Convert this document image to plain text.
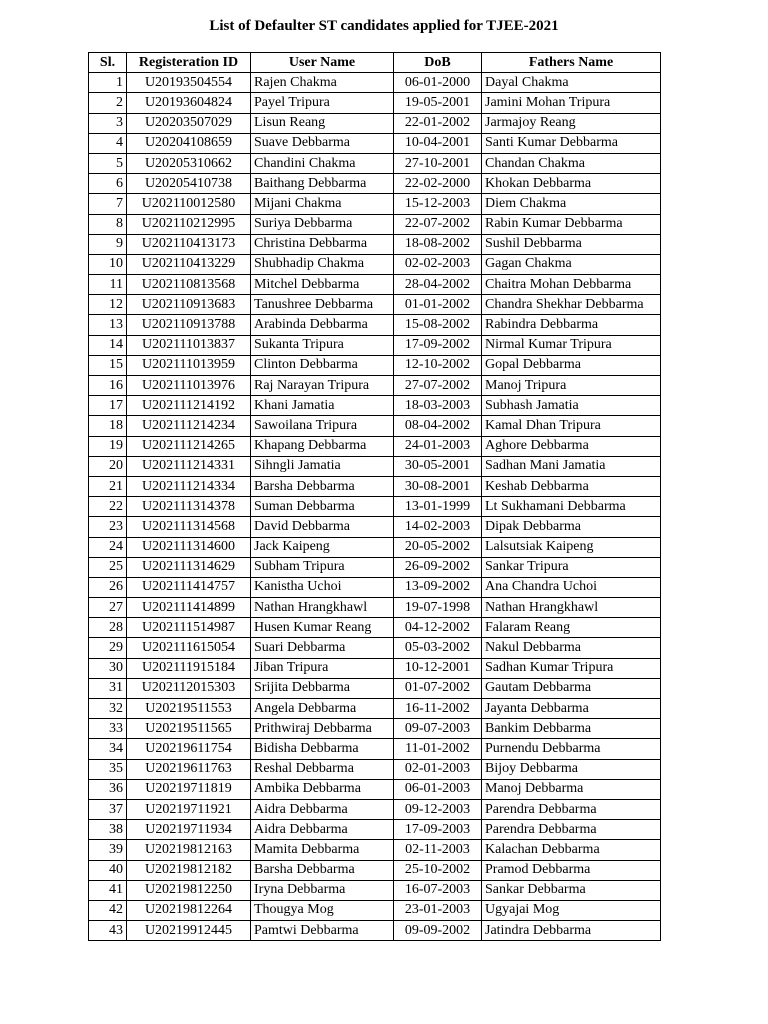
List of Defaulter ST candidates applied for TJEE-2021
Sl.	Registeration ID	User Name	DoB	Fathers Name
1	U20193504554	Rajen Chakma	06-01-2000	Dayal Chakma
2	U20193604824	Payel Tripura	19-05-2001	Jamini Mohan Tripura
3	U20203507029	Lisun Reang	22-01-2002	Jarmajoy Reang
4	U20204108659	Suave Debbarma	10-04-2001	Santi Kumar Debbarma
5	U20205310662	Chandini Chakma	27-10-2001	Chandan Chakma
6	U20205410738	Baithang Debbarma	22-02-2000	Khokan Debbarma
7	U202110012580	Mijani Chakma	15-12-2003	Diem Chakma
8	U202110212995	Suriya Debbarma	22-07-2002	Rabin Kumar Debbarma
9	U202110413173	Christina Debbarma	18-08-2002	Sushil Debbarma
10	U202110413229	Shubhadip Chakma	02-02-2003	Gagan Chakma
11	U202110813568	Mitchel Debbarma	28-04-2002	Chaitra Mohan Debbarma
12	U202110913683	Tanushree Debbarma	01-01-2002	Chandra Shekhar Debbarma
13	U202110913788	Arabinda Debbarma	15-08-2002	Rabindra Debbarma
14	U202111013837	Sukanta Tripura	17-09-2002	Nirmal Kumar Tripura
15	U202111013959	Clinton Debbarma	12-10-2002	Gopal Debbarma
16	U202111013976	Raj Narayan Tripura	27-07-2002	Manoj Tripura
17	U202111214192	Khani Jamatia	18-03-2003	Subhash Jamatia
18	U202111214234	Sawoilana Tripura	08-04-2002	Kamal Dhan Tripura
19	U202111214265	Khapang Debbarma	24-01-2003	Aghore Debbarma
20	U202111214331	Sihngli Jamatia	30-05-2001	Sadhan Mani Jamatia
21	U202111214334	Barsha Debbarma	30-08-2001	Keshab Debbarma
22	U202111314378	Suman Debbarma	13-01-1999	Lt Sukhamani Debbarma
23	U202111314568	David Debbarma	14-02-2003	Dipak Debbarma
24	U202111314600	Jack Kaipeng	20-05-2002	Lalsutsiak Kaipeng
25	U202111314629	Subham Tripura	26-09-2002	Sankar Tripura
26	U202111414757	Kanistha Uchoi	13-09-2002	Ana Chandra Uchoi
27	U202111414899	Nathan Hrangkhawl	19-07-1998	Nathan Hrangkhawl
28	U202111514987	Husen Kumar Reang	04-12-2002	Falaram Reang
29	U202111615054	Suari Debbarma	05-03-2002	Nakul Debbarma
30	U202111915184	Jiban Tripura	10-12-2001	Sadhan Kumar Tripura
31	U202112015303	Srijita Debbarma	01-07-2002	Gautam Debbarma
32	U20219511553	Angela Debbarma	16-11-2002	Jayanta Debbarma
33	U20219511565	Prithwiraj Debbarma	09-07-2003	Bankim Debbarma
34	U20219611754	Bidisha Debbarma	11-01-2002	Purnendu Debbarma
35	U20219611763	Reshal Debbarma	02-01-2003	Bijoy Debbarma
36	U20219711819	Ambika Debbarma	06-01-2003	Manoj Debbarma
37	U20219711921	Aidra Debbarma	09-12-2003	Parendra Debbarma
38	U20219711934	Aidra Debbarma	17-09-2003	Parendra Debbarma
39	U20219812163	Mamita Debbarma	02-11-2003	Kalachan Debbarma
40	U20219812182	Barsha Debbarma	25-10-2002	Pramod Debbarma
41	U20219812250	Iryna Debbarma	16-07-2003	Sankar Debbarma
42	U20219812264	Thougya Mog	23-01-2003	Ugyajai Mog
43	U20219912445	Pamtwi Debbarma	09-09-2002	Jatindra Debbarma
